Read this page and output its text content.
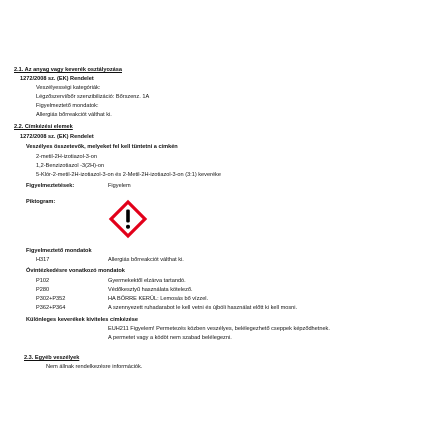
2.1. Az anyag vagy keverék osztályozása
1272/2008 sz. (EK) Rendelet
Veszélyességi kategóriák:
Légzőszervi/bőr szenzibilizáció: Bőrszenz. 1A
Figyelmeztető mondatok:
Allergiás bőrreakciót válthat ki.
2.2. Címkézési elemek
1272/2008 sz. (EK) Rendelet
Veszélyes összetevők, melyeket fel kell tüntetni a címkén
2-metil-2H-izotiazol-3-on
1,2-Benzizotiazol -3(2H)-on
5-Klór-2-metil-2H-izotiazol-3-on és 2-Metil-2H-izotiazol-3-on (3:1) keveréke
Figyelmeztetések:	Figyelem
Piktogram:
Figyelmeztető mondatok
H317	Allergiás bőrreakciót válthat ki.
Óvintézkedésre vonatkozó mondatok
P102	Gyermekektől elzárva tartandó.
P280	Védőkesztyű használata kötelező.
P302+P352	HA BŐRRE KERÜL: Lemosás bő vízzel.
P362+P364	A szennyezett ruhadarabot le kell vetni és újbóli használat előtt ki kell mosni.
Különleges keverékek kiviteles címkézése
EUH211 Figyelem! Permetezés közben veszélyes, belélegezhető cseppek képződhetnek.
A permetet vagy a ködöt nem szabad belélegezni.
2.3. Egyéb veszélyek
Nem állnak rendelkezésre információk.
